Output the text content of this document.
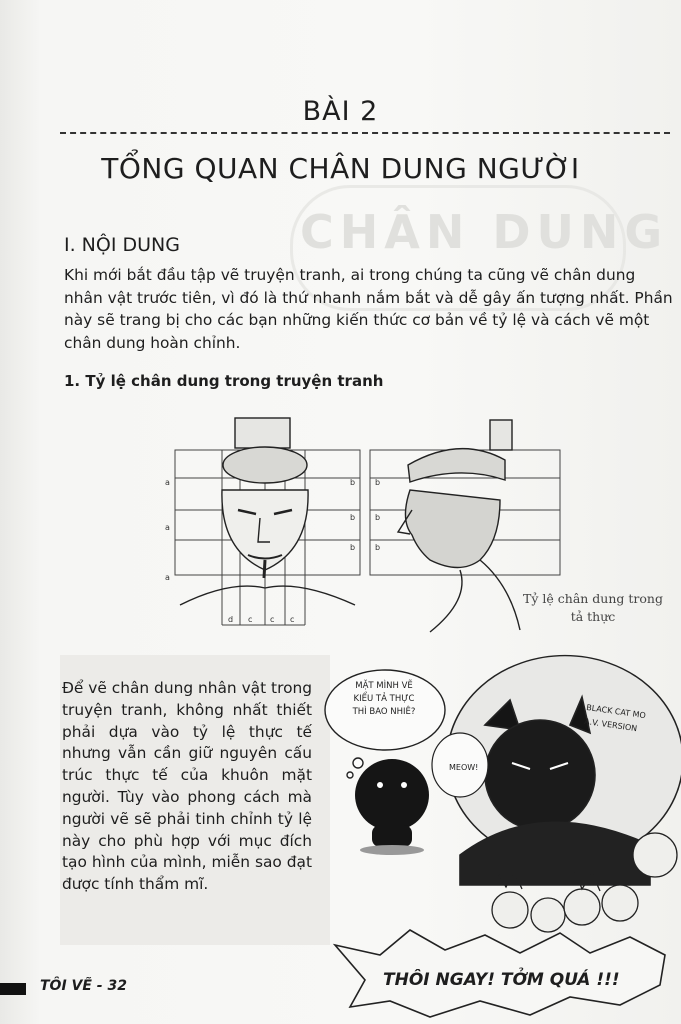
CHÂN DUNG
BÀI 2
TỔNG QUAN CHÂN DUNG NGƯỜI
I. NỘI DUNG
Khi mới bắt đầu tập vẽ truyện tranh, ai trong chúng ta cũng vẽ chân dung nhân vật trước tiên, vì đó là thứ nhanh nắm bắt và dễ gây ấn tượng nhất. Phần này sẽ trang bị cho các bạn những kiến thức cơ bản về tỷ lệ và cách vẽ một chân dung hoàn chỉnh.
1. Tỷ lệ chân dung trong truyện tranh
a
a
a
b
b
b
b
b
b
d c c c
Tỷ lệ chân dung trong tả thực
Để vẽ chân dung nhân vật trong truyện tranh, không nhất thiết phải dựa vào tỷ lệ thực tế nhưng vẫn cần giữ nguyên cấu trúc thực tế của khuôn mặt người. Tùy vào phong cách mà người vẽ sẽ phải tinh chỉnh tỷ lệ này cho phù hợp với mục đích tạo hình của mình, miễn sao đạt được tính thẩm mĩ.
MẶT MÌNH VẼ
KIỂU TẢ THỰC
THÌ BAO NHIÊ?
MEOW!
BLACK CAT MO
A.V. VERSION
THÔI NGAY! TỞM QUÁ !!!
TÔI VẼ - 32
